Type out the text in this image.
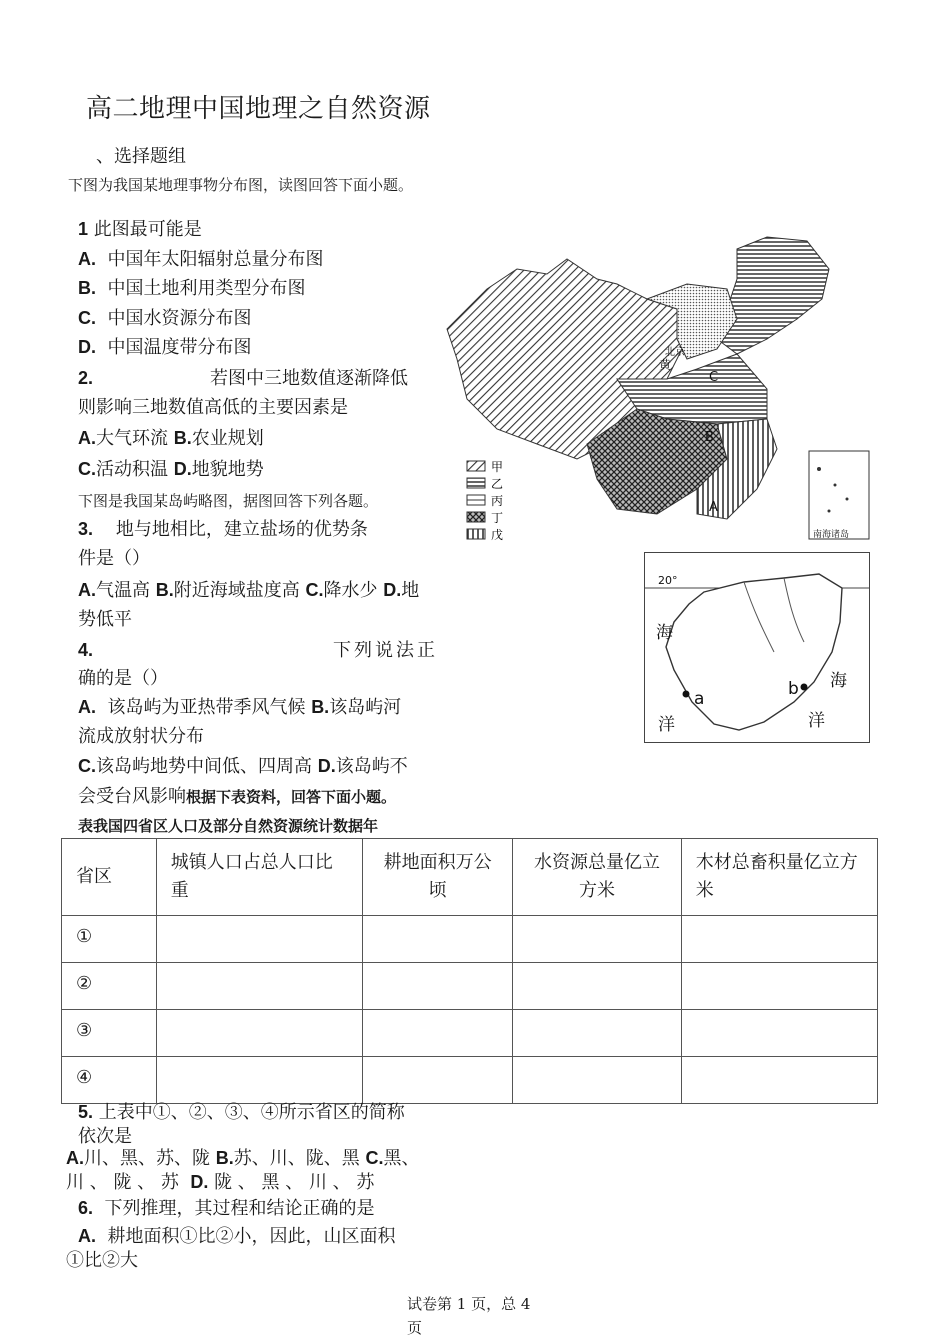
高二地理中国地理之自然资源
、选择题组
下图为我国某地理事物分布图，读图回答下面小题。
1 此图最可能是
A. 中国年太阳辐射总量分布图
B. 中国土地利用类型分布图
C. 中国水资源分布图
D. 中国温度带分布图
2.	若图中三地数值逐渐降低
则影响三地数值高低的主要因素是
A.大气环流 B.农业规划
C.活动积温 D.地貌地势
下图是我国某岛屿略图，据图回答下列各题。
3. 地与地相比，建立盐场的优势条
件是（）
A.气温高 B.附近海域盐度高 C.降水少 D.地
势低平
4.	下列说法正
确的是（）
A. 该岛屿为亚热带季风气候 B.该岛屿河
流成放射状分布
C.该岛屿地势中间低、四周高 D.该岛屿不
会受台风影响根据下表资料，回答下面小题。
表我国四省区人口及部分自然资源统计数据年
省区	城镇人口占总人口比重	耕地面积万公顷	水资源总量亿立方米	木材总畜积量亿立方米
①				
②				
③				
④				
5. 上表中①、②、③、④所示省区的简称
依次是
A.川、黑、苏、陇 B.苏、川、陇、黑 C.黑、
川 、 陇 、 苏 D. 陇 、 黑 、 川 、 苏
6. 下列推理，其过程和结论正确的是
A. 耕地面积①比②小，因此，山区面积
①比②大
北京
黄
C
B
A
南海诸岛
甲
乙
丙
丁
戊
20°
a	b
海
洋
海
洋
试卷第 1 页，总 4 页
